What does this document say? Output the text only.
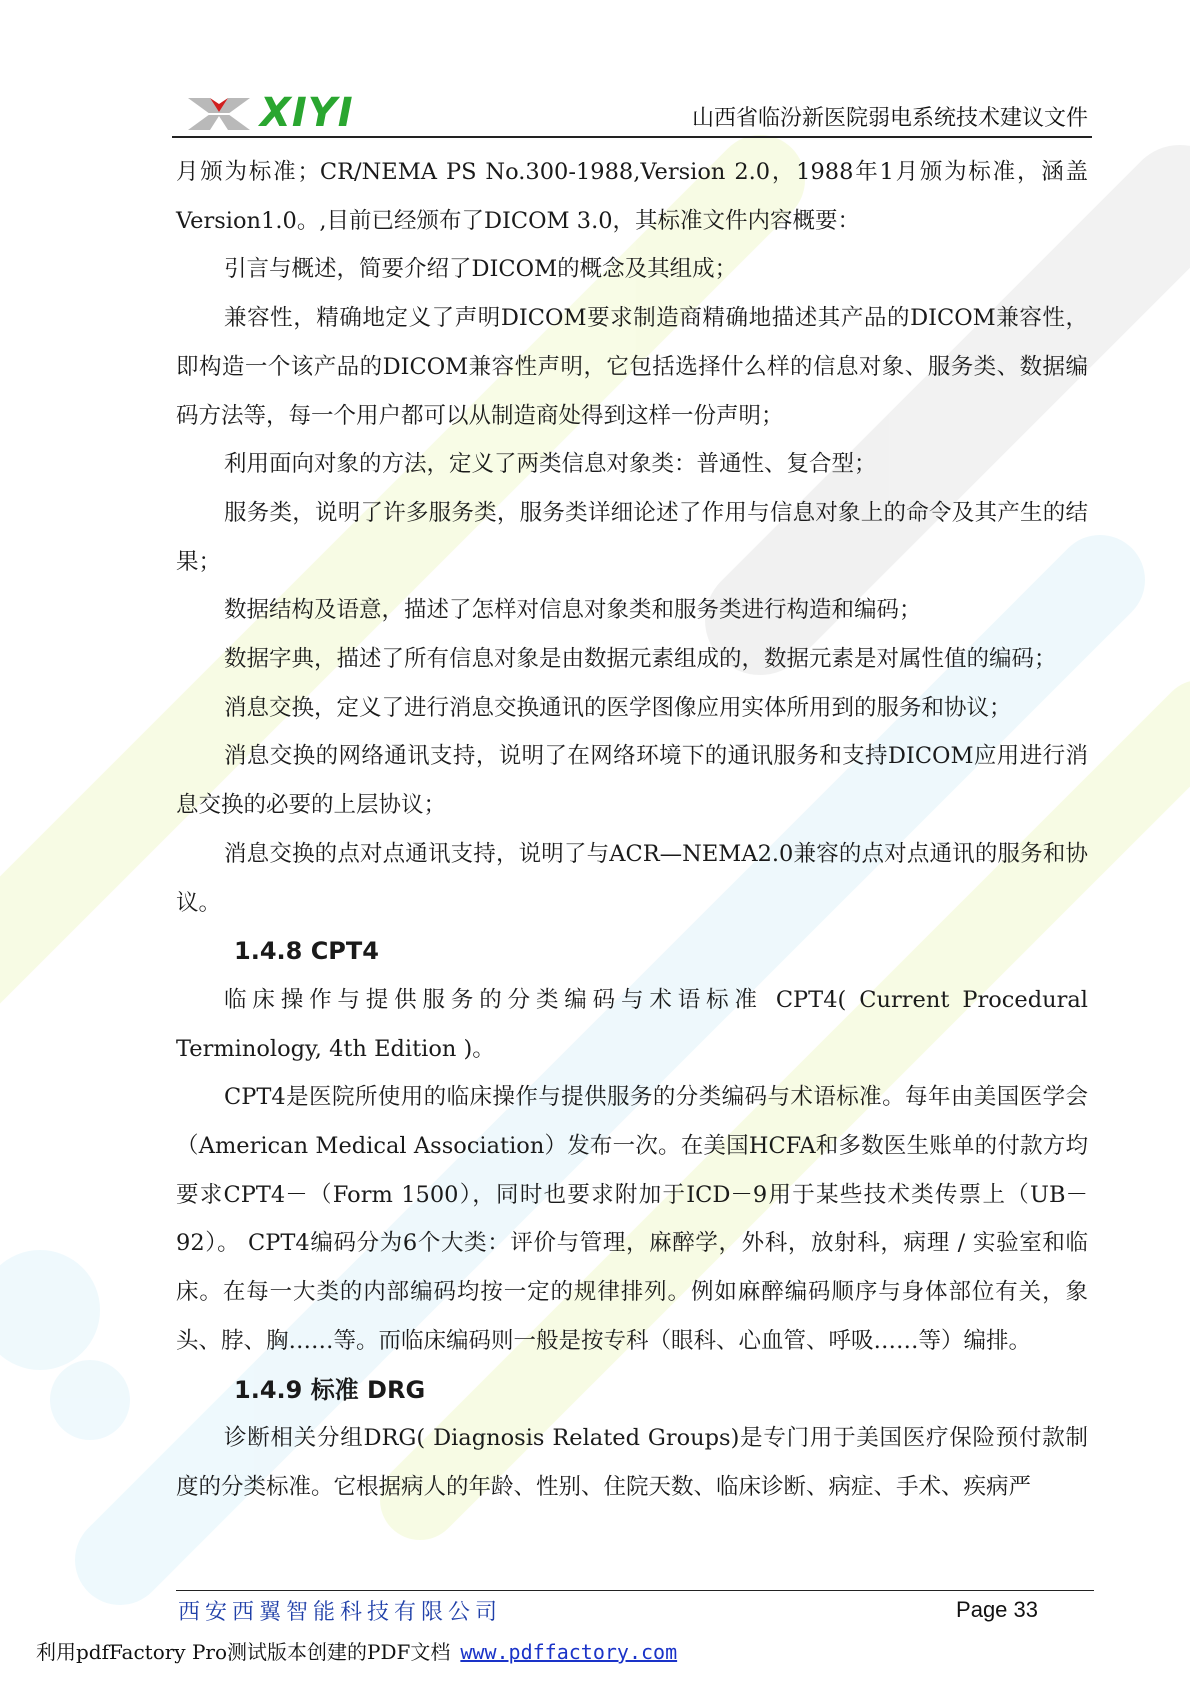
XIYI	山西省临汾新医院弱电系统技术建议文件

月颁为标准；CR/NEMA PS No.300-1988,Version 2.0，1988年1月颁为标准，涵盖Version1.0。,目前已经颁布了DICOM 3.0，其标准文件内容概要：

引言与概述，简要介绍了DICOM的概念及其组成；

兼容性，精确地定义了声明DICOM要求制造商精确地描述其产品的DICOM兼容性，即构造一个该产品的DICOM兼容性声明，它包括选择什么样的信息对象、服务类、数据编码方法等，每一个用户都可以从制造商处得到这样一份声明；

利用面向对象的方法，定义了两类信息对象类：普通性、复合型；

服务类，说明了许多服务类，服务类详细论述了作用与信息对象上的命令及其产生的结果；

数据结构及语意，描述了怎样对信息对象类和服务类进行构造和编码；

数据字典，描述了所有信息对象是由数据元素组成的，数据元素是对属性值的编码；

消息交换，定义了进行消息交换通讯的医学图像应用实体所用到的服务和协议；

消息交换的网络通讯支持，说明了在网络环境下的通讯服务和支持DICOM应用进行消息交换的必要的上层协议；

消息交换的点对点通讯支持，说明了与ACR—NEMA2.0兼容的点对点通讯的服务和协议。

1.4.8 CPT4

临床操作与提供服务的分类编码与术语标准 CPT4( Current Procedural Terminology, 4th Edition )。

CPT4是医院所使用的临床操作与提供服务的分类编码与术语标准。每年由美国医学会（American Medical Association）发布一次。在美国HCFA和多数医生账单的付款方均要求CPT4－（Form 1500），同时也要求附加于ICD－9用于某些技术类传票上（UB－92）。 CPT4编码分为6个大类：评价与管理，麻醉学，外科，放射科，病理 / 实验室和临床。在每一大类的内部编码均按一定的规律排列。例如麻醉编码顺序与身体部位有关，象头、脖、胸……等。而临床编码则一般是按专科（眼科、心血管、呼吸……等）编排。

1.4.9 标准 DRG

诊断相关分组DRG( Diagnosis Related Groups)是专门用于美国医疗保险预付款制度的分类标准。它根据病人的年龄、性别、住院天数、临床诊断、病症、手术、疾病严

西安西翼智能科技有限公司	Page 33
利用pdfFactory Pro测试版本创建的PDF文档 www.pdffactory.com
